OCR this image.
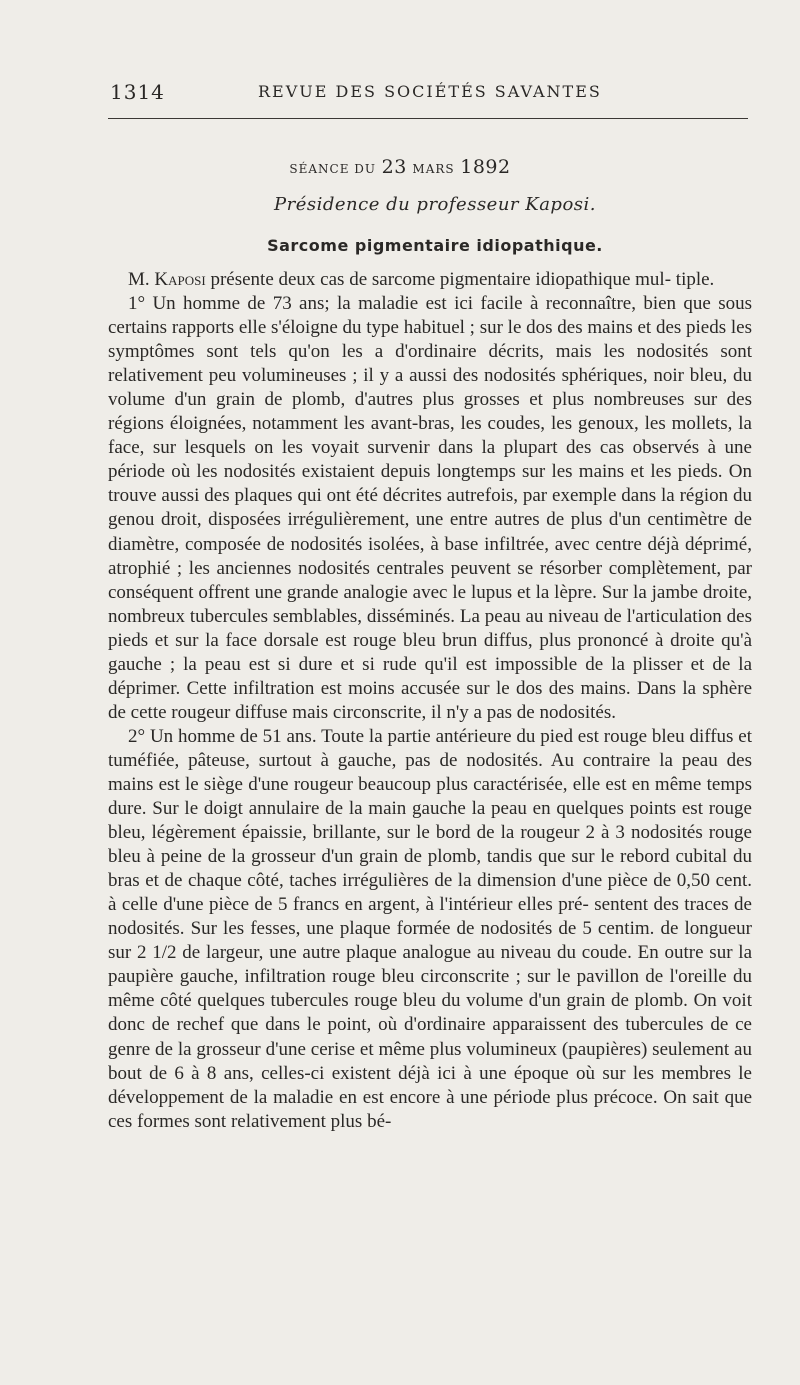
1314	REVUE DES SOCIÉTÉS SAVANTES
SÉANCE DU 23 MARS 1892
Présidence du professeur Kaposi.
Sarcome pigmentaire idiopathique.

M. Kaposi présente deux cas de sarcome pigmentaire idiopathique mul- tiple.

1° Un homme de 73 ans; la maladie est ici facile à reconnaître, bien que sous certains rapports elle s'éloigne du type habituel ; sur le dos des mains et des pieds les symptômes sont tels qu'on les a d'ordinaire décrits, mais les nodosités sont relativement peu volumineuses ; il y a aussi des nodosités sphériques, noir bleu, du volume d'un grain de plomb, d'autres plus grosses et plus nombreuses sur des régions éloignées, notamment les avant-bras, les coudes, les genoux, les mollets, la face, sur lesquels on les voyait survenir dans la plupart des cas observés à une période où les nodosités existaient depuis longtemps sur les mains et les pieds. On trouve aussi des plaques qui ont été décrites autrefois, par exemple dans la région du genou droit, disposées irrégulièrement, une entre autres de plus d'un centimètre de diamètre, composée de nodosités isolées, à base infiltrée, avec centre déjà déprimé, atrophié ; les anciennes nodosités centrales peuvent se résorber complètement, par conséquent offrent une grande analogie avec le lupus et la lèpre. Sur la jambe droite, nombreux tubercules semblables, disséminés. La peau au niveau de l'articulation des pieds et sur la face dorsale est rouge bleu brun diffus, plus prononcé à droite qu'à gauche ; la peau est si dure et si rude qu'il est impossible de la plisser et de la déprimer. Cette infiltration est moins accusée sur le dos des mains. Dans la sphère de cette rougeur diffuse mais circonscrite, il n'y a pas de nodosités.

2° Un homme de 51 ans. Toute la partie antérieure du pied est rouge bleu diffus et tuméfiée, pâteuse, surtout à gauche, pas de nodosités. Au contraire la peau des mains est le siège d'une rougeur beaucoup plus caractérisée, elle est en même temps dure. Sur le doigt annulaire de la main gauche la peau en quelques points est rouge bleu, légèrement épaissie, brillante, sur le bord de la rougeur 2 à 3 nodosités rouge bleu à peine de la grosseur d'un grain de plomb, tandis que sur le rebord cubital du bras et de chaque côté, taches irrégulières de la dimension d'une pièce de 0,50 cent. à celle d'une pièce de 5 francs en argent, à l'intérieur elles pré- sentent des traces de nodosités. Sur les fesses, une plaque formée de nodosités de 5 centim. de longueur sur 2 1/2 de largeur, une autre plaque analogue au niveau du coude. En outre sur la paupière gauche, infiltration rouge bleu circonscrite ; sur le pavillon de l'oreille du même côté quelques tubercules rouge bleu du volume d'un grain de plomb. On voit donc de rechef que dans le point, où d'ordinaire apparaissent des tubercules de ce genre de la grosseur d'une cerise et même plus volumineux (paupières) seulement au bout de 6 à 8 ans, celles-ci existent déjà ici à une époque où sur les membres le développement de la maladie en est encore à une période plus précoce. On sait que ces formes sont relativement plus bé-
